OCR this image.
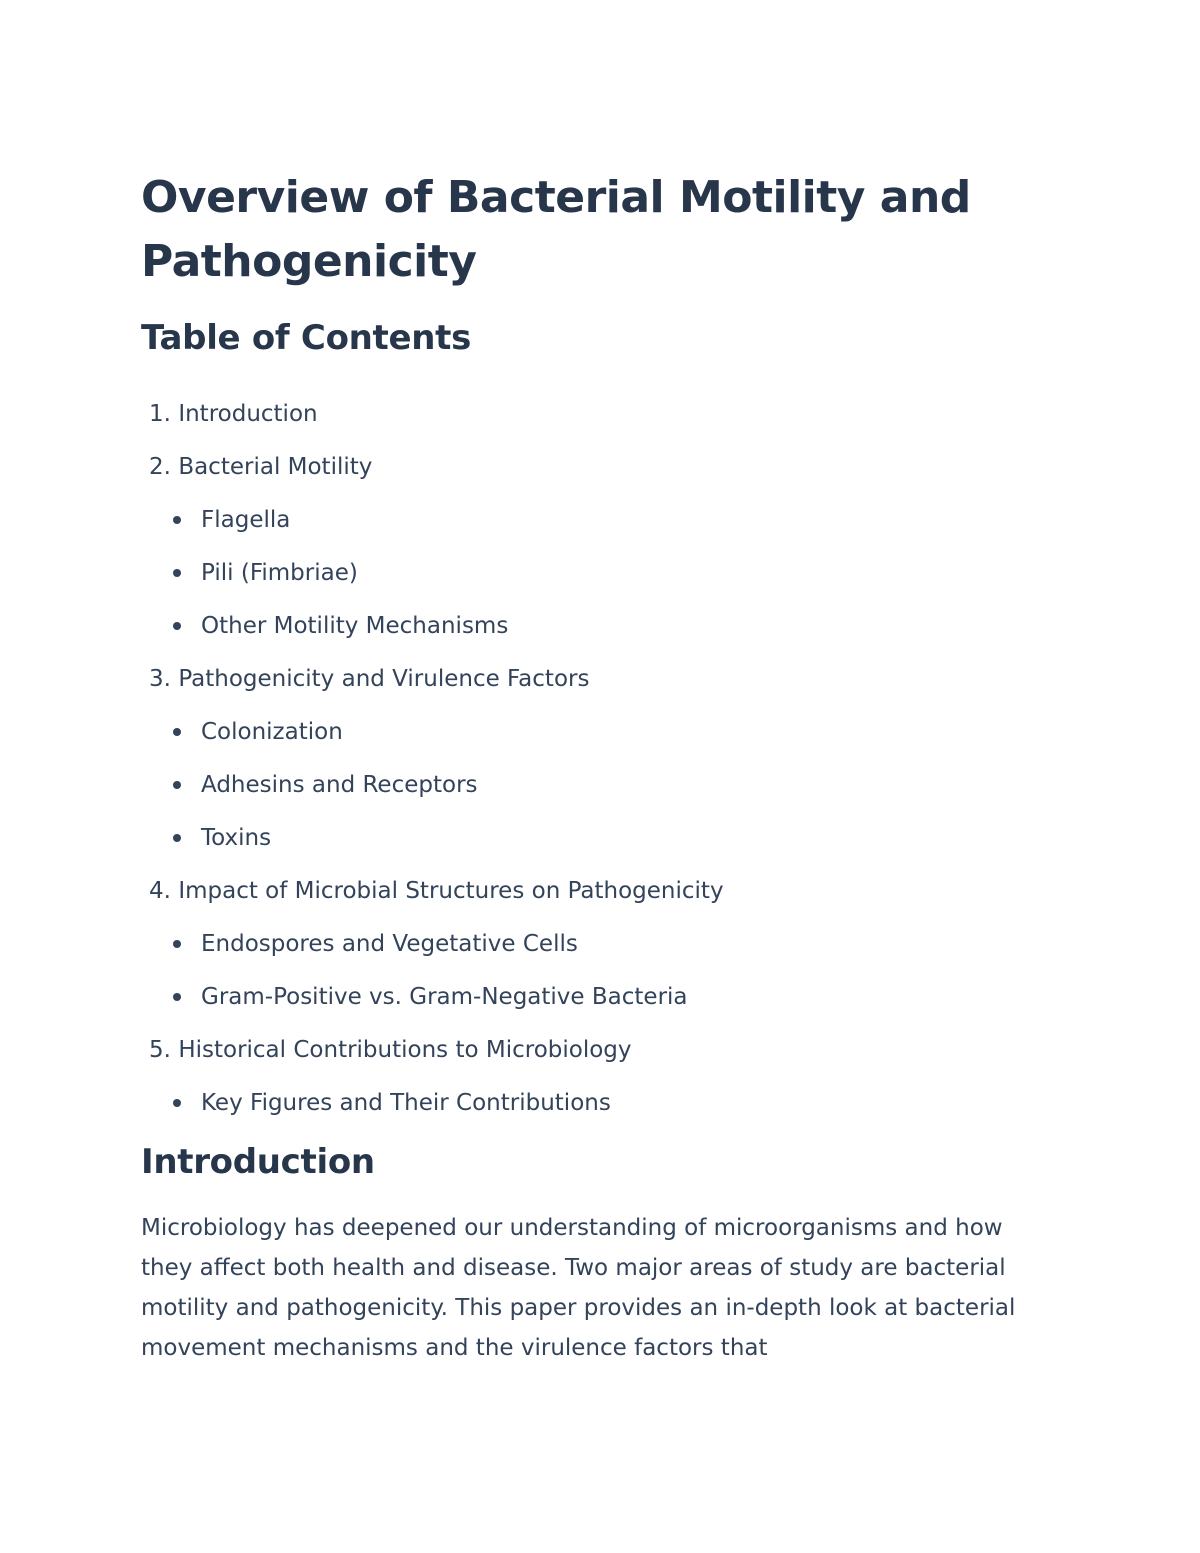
Overview of Bacterial Motility and Pathogenicity
Table of Contents
1.
Introduction
2.
Bacterial Motility
Flagella
Pili (Fimbriae)
Other Motility Mechanisms
3.
Pathogenicity and Virulence Factors
Colonization
Adhesins and Receptors
Toxins
4.
Impact of Microbial Structures on Pathogenicity
Endospores and Vegetative Cells
Gram-Positive vs. Gram-Negative Bacteria
5.
Historical Contributions to Microbiology
Key Figures and Their Contributions
Introduction

Microbiology has deepened our understanding of microorganisms and how they affect both health and disease. Two major areas of study are bacterial motility and pathogenicity. This paper provides an in-depth look at bacterial movement mechanisms and the virulence factors that
